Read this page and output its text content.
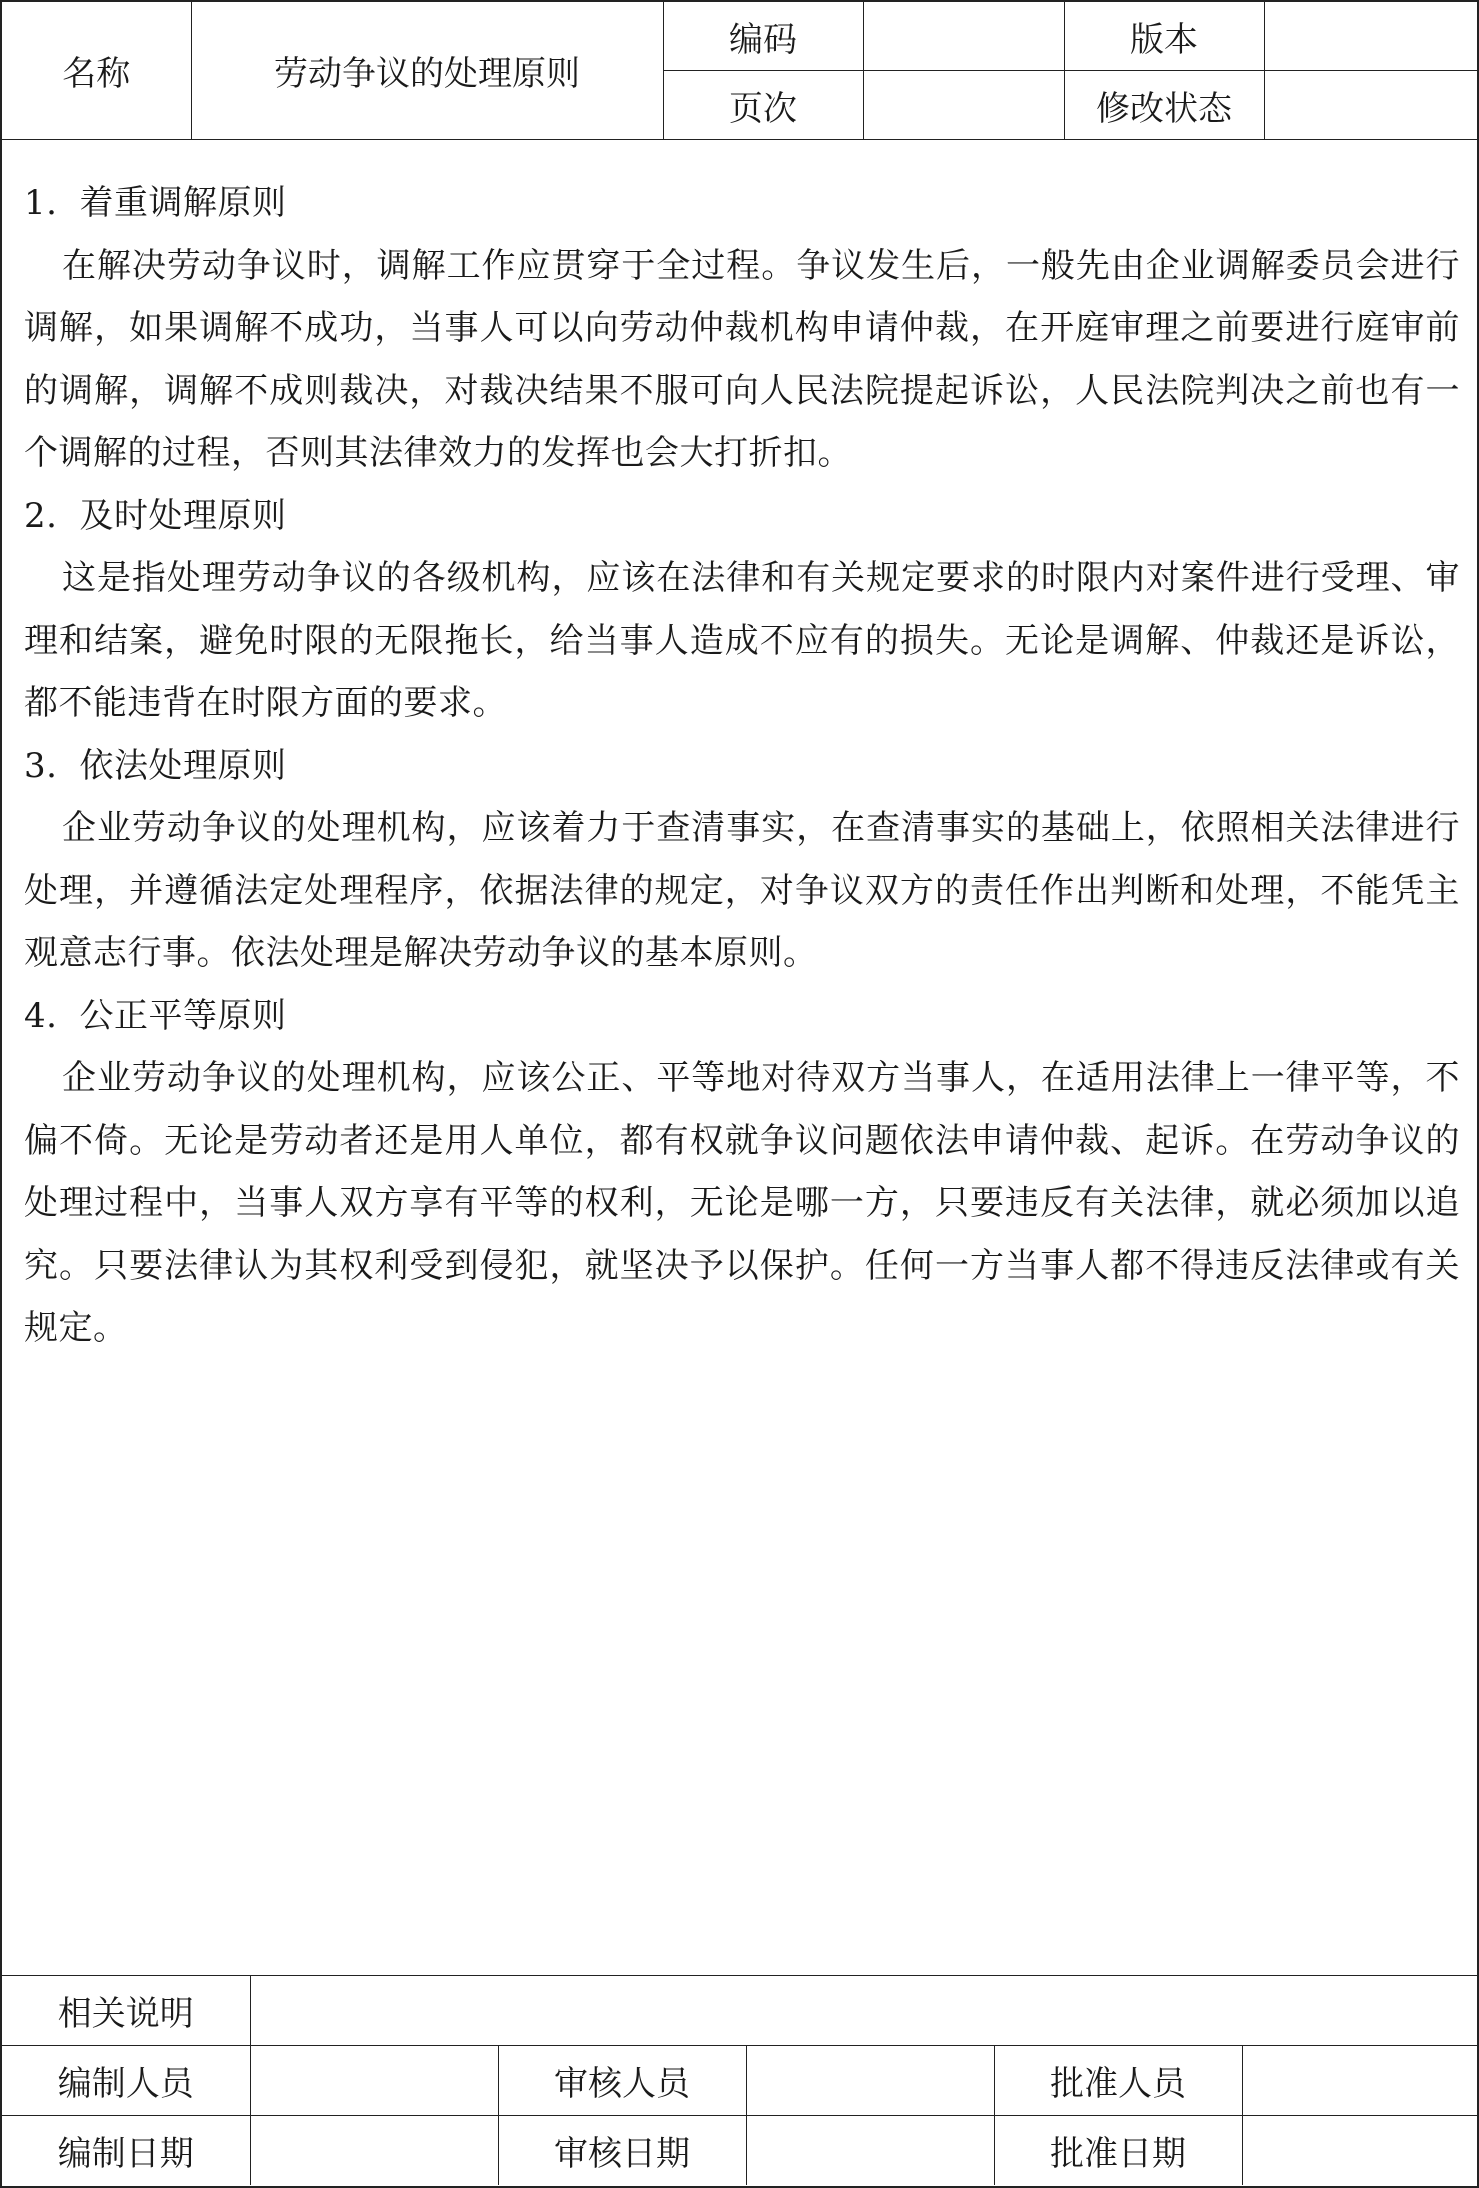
名称	劳动争议的处理原则	编码		版本	
		页次		修改状态	
1. 着重调解原则

在解决劳动争议时，调解工作应贯穿于全过程。争议发生后，一般先由企业调解委员会进行调解，如果调解不成功，当事人可以向劳动仲裁机构申请仲裁，在开庭审理之前要进行庭审前的调解，调解不成则裁决，对裁决结果不服可向人民法院提起诉讼，人民法院判决之前也有一个调解的过程，否则其法律效力的发挥也会大打折扣。

2. 及时处理原则

这是指处理劳动争议的各级机构，应该在法律和有关规定要求的时限内对案件进行受理、审理和结案，避免时限的无限拖长，给当事人造成不应有的损失。无论是调解、仲裁还是诉讼，都不能违背在时限方面的要求。

3. 依法处理原则

企业劳动争议的处理机构，应该着力于查清事实，在查清事实的基础上，依照相关法律进行处理，并遵循法定处理程序，依据法律的规定，对争议双方的责任作出判断和处理，不能凭主观意志行事。依法处理是解决劳动争议的基本原则。

4. 公正平等原则

企业劳动争议的处理机构，应该公正、平等地对待双方当事人，在适用法律上一律平等，不偏不倚。无论是劳动者还是用人单位，都有权就争议问题依法申请仲裁、起诉。在劳动争议的处理过程中，当事人双方享有平等的权利，无论是哪一方，只要违反有关法律，就必须加以追究。只要法律认为其权利受到侵犯，就坚决予以保护。任何一方当事人都不得违反法律或有关规定。

相关说明					
编制人员		审核人员		批准人员	
编制日期		审核日期		批准日期	
